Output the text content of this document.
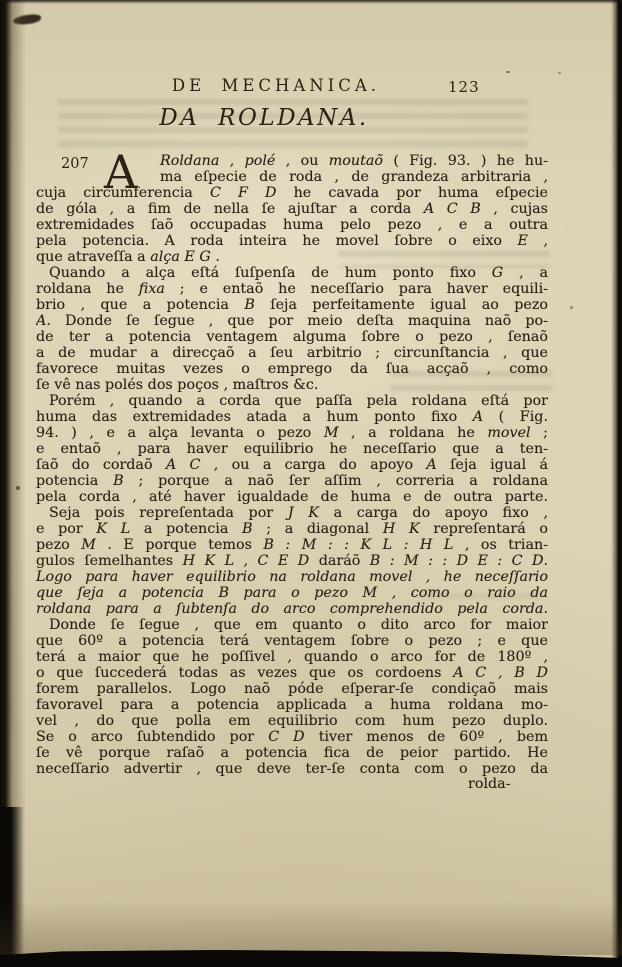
DE MECHANICA.	123
DA ROLDANA.
207 A	Roldana , polé , ou moutaõ ( Fig. 93. ) he hu-
ma eſpecie de roda , de grandeza arbitraria ,
cuja circumferencia C F D he cavada por huma eſpecie
de góla , a fim de nella ſe ajuſtar a corda A C B , cujas
extremidades ſaõ occupadas huma pelo pezo , e a outra
pela potencia. A roda inteira he movel ſobre o eixo E ,
que atraveſſa a alça E G .
Quando a alça eſtá ſuſpenſa de hum ponto fixo G , a
roldana he fixa ; e entaõ he neceſſario para haver equili-
brio , que a potencia B ſeja perfeitamente igual ao pezo
A. Donde ſe ſegue , que por meio deſta maquina naõ po-
de ter a potencia ventagem alguma ſobre o pezo , ſenaõ
a de mudar a direcçaõ a ſeu arbitrio ; circunſtancia , que
favorece muitas vezes o emprego da ſua acçaõ , como
ſe vê nas polés dos poços , maſtros &c.
Porém , quando a corda que paſſa pela roldana eſtá por
huma das extremidades atada a hum ponto fixo A ( Fig.
94. ) , e a alça levanta o pezo M , a roldana he movel ;
e entaõ , para haver equilibrio he neceſſario que a ten-
ſaõ do cordaõ A C , ou a carga do apoyo A ſeja igual á
potencia B ; porque a naõ ſer aſſim , correria a roldana
pela corda , até haver igualdade de huma e de outra parte.
Seja pois repreſentada por J K a carga do apoyo fixo ,
e por K L a potencia B ; a diagonal H K repreſentará o
pezo M . E porque temos B : M : : K L : H L , os trian-
gulos ſemelhantes H K L , C E D daráõ B : M : : D E : C D.
Logo para haver equilibrio na roldana movel , he neceſſario
que ſeja a potencia B para o pezo M , como o raio da
roldana para a ſubtenſa do arco comprehendido pela corda.
Donde ſe ſegue , que em quanto o dito arco for maior
que 60º a potencia terá ventagem ſobre o pezo ; e que
terá a maior que he poſſivel , quando o arco for de 180º ,
o que ſuccederá todas as vezes que os cordoens A C , B D
forem parallelos. Logo naõ póde eſperar-ſe condiçaõ mais
favoravel para a potencia applicada a huma roldana mo-
vel , do que polla em equilibrio com hum pezo duplo.
Se o arco ſubtendido por C D tiver menos de 60º , bem
ſe vê porque raſaõ a potencia fica de peior partido. He
neceſſario advertir , que deve ter-ſe conta com o pezo da
rolda-
